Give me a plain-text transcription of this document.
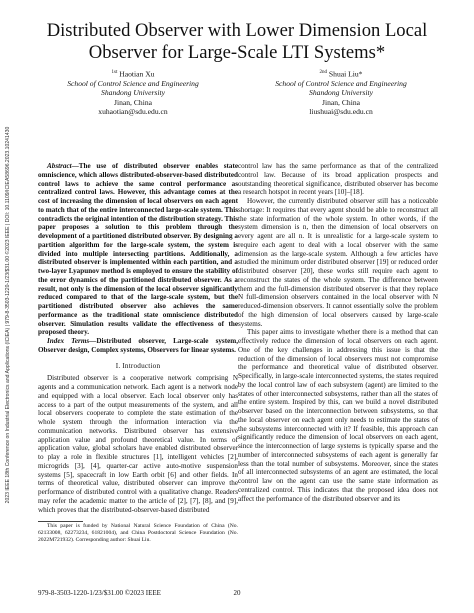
2023 IEEE 18th Conference on Industrial Electronics and Applications (ICIEA) | 979-8-3503-1220-1/23/$31.00 ©2023 IEEE | DOI: 10.1109/ICIEA58696.2023.10241430
Distributed Observer with Lower Dimension Local
Observer for Large-Scale LTI Systems*
$^{1st}$ Haotian Xu
School of Control Science and Engineering
Shandong University
Jinan, China
xuhaotian@sdu.edu.cn
$^{2nd}$ Shuai Liu*
School of Control Science and Engineering
Shandong University
Jinan, China
liushuai@sdu.edu.cn

Abstract—The use of distributed observer enables state omniscience, which allows distributed-observer-based distributed control laws to achieve the same control performance as centralized control laws. However, this advantage comes at the cost of increasing the dimension of local observers on each agent to match that of the entire interconnected large-scale system. This contradicts the original intention of the distribution strategy. This paper proposes a solution to this problem through the development of a partitioned distributed observer. By designing a partition algorithm for the large-scale system, the system is divided into multiple intersecting partitions. Additionally, a distributed observer is implemented within each partition, and a two-layer Lyapunov method is employed to ensure the stability of the error dynamics of the partitioned distributed observer. As a result, not only is the dimension of the local observer significantly reduced compared to that of the large-scale system, but the partitioned distributed observer also achieves the same performance as the traditional state omniscience distributed observer. Simulation results validate the effectiveness of the proposed theory.

Index Terms—Distributed observer, Large-scale system, Observer design, Complex systems, Observers for linear systems.

I. Introduction

Distributed observer is a cooperative network comprising N agents and a communication network. Each agent is a network node and equipped with a local observer. Each local observer only has access to a part of the output measurements of the system, and all local observers cooperate to complete the state estimation of the whole system through the information interaction via the communication networks. Distributed observer has extensive application value and profound theoretical value. In terms of application value, global scholars have enabled distributed observer to play a role in flexible structures [1], intelligent vehicles [2], microgrids [3], [4], quarter-car active auto-motive suspension systems [5], spacecraft in low Earth orbit [6] and other fields. In terms of theoretical value, distributed observer can improve the performance of distributed control with a qualitative change. Readers may refer the academic matter to the article of [2], [7], [8], and [9], which proves that the distributed-observer-based distributed

This paper is funded by National Natural Science Foundation of China (No. 62133008, 62273234, 61821004), and China Postdoctoral Science Foundation (No. 2022M721932). Corresponding author: Shuai Liu.

control law has the same performance as that of the centralized control law. Because of its broad application prospects and outstanding theoretical significance, distributed observer has become a research hotspot in recent years [10]–[18].

However, the currently distributed observer still has a noticeable shortage: It requires that every agent should be able to reconstruct all the state information of the whole system. In other words, if the system dimension is n, then the dimension of local observers on every agent are all n. It is unrealistic for a large-scale system to require each agent to deal with a local observer with the same dimension as the large-scale system. Although a few articles have studied the minimum order distributed observer [19] or reduced order distributed observer [20], these works still require each agent to reconstruct the states of the whole system. The difference between them and the full-dimension distributed observer is that they replace N full-dimension observers contained in the local observer with N reduced-dimension observers. It cannot essentially solve the problem of the high dimension of local observers caused by large-scale systems.

This paper aims to investigate whether there is a method that can effectively reduce the dimension of local observers on each agent. One of the key challenges in addressing this issue is that the reduction of the dimension of local observers must not compromise the performance and theoretical value of distributed observer. Specifically, in large-scale interconnected systems, the states required by the local control law of each subsystem (agent) are limited to the states of other interconnected subsystems, rather than all the states of the entire system. Inspired by this, can we build a novel distributed observer based on the interconnection between subsystems, so that the local observer on each agent only needs to estimate the states of the subsystems interconnected with it? If feasible, this approach can significantly reduce the dimension of local observers on each agent, since the interconnection of large systems is typically sparse and the number of interconnected subsystems of each agent is generally far less than the total number of subsystems. Moreover, since the states of all interconnected subsystems of an agent are estimated, the local control law on the agent can use the same state information as centralized control. This indicates that the proposed idea does not affect the performance of the distributed observer and its

979-8-3503-1220-1/23/$31.00 ©2023 IEEE	20
